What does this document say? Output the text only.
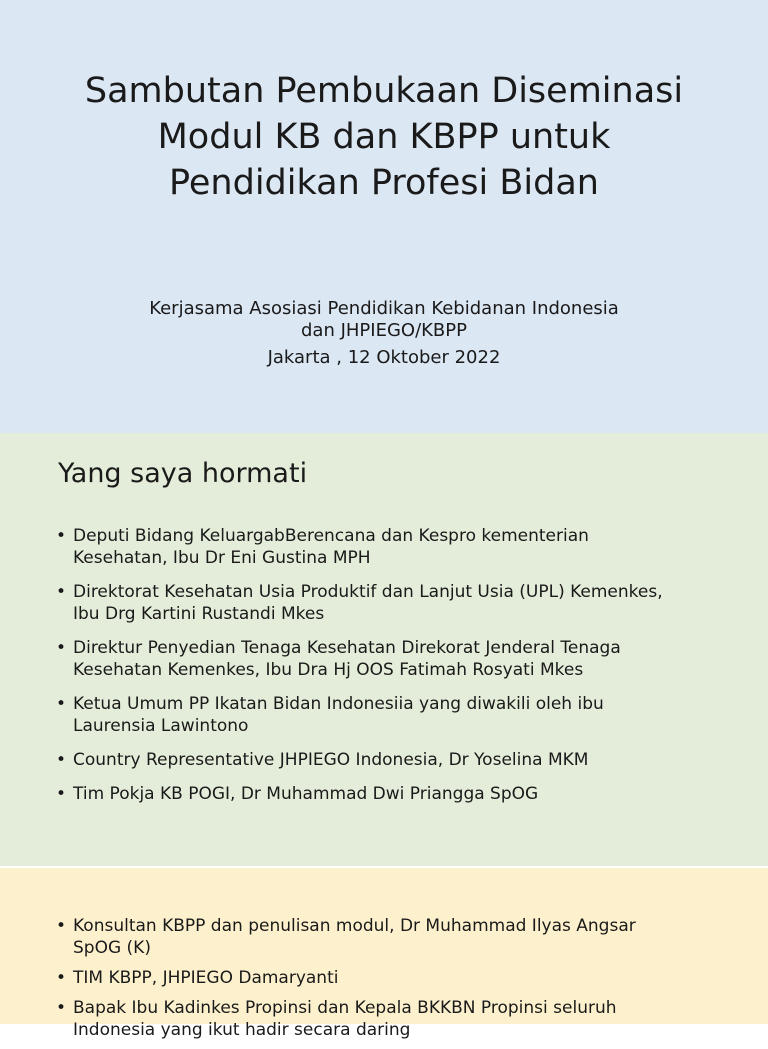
Sambutan Pembukaan Diseminasi
Modul KB dan KBPP untuk
Pendidikan Profesi Bidan
Kerjasama Asosiasi Pendidikan Kebidanan Indonesia
dan JHPIEGO/KBPP
Jakarta , 12 Oktober 2022
Yang saya hormati
• Deputi Bidang KeluargabBerencana dan Kespro kementerian
Kesehatan, Ibu Dr Eni Gustina MPH
• Direktorat Kesehatan Usia Produktif dan Lanjut Usia (UPL) Kemenkes,
Ibu Drg Kartini Rustandi Mkes
• Direktur Penyedian Tenaga Kesehatan Direkorat Jenderal Tenaga
Kesehatan Kemenkes, Ibu Dra Hj OOS Fatimah Rosyati Mkes
• Ketua Umum PP Ikatan Bidan Indonesiia yang diwakili oleh ibu
Laurensia Lawintono
• Country Representative JHPIEGO Indonesia, Dr Yoselina MKM
• Tim Pokja KB POGI, Dr Muhammad Dwi Priangga SpOG
• Konsultan KBPP dan penulisan modul, Dr Muhammad Ilyas Angsar
SpOG (K)
• TIM KBPP, JHPIEGO Damaryanti
• Bapak Ibu Kadinkes Propinsi dan Kepala BKKBN Propinsi seluruh
Indonesia yang ikut hadir secara daring
